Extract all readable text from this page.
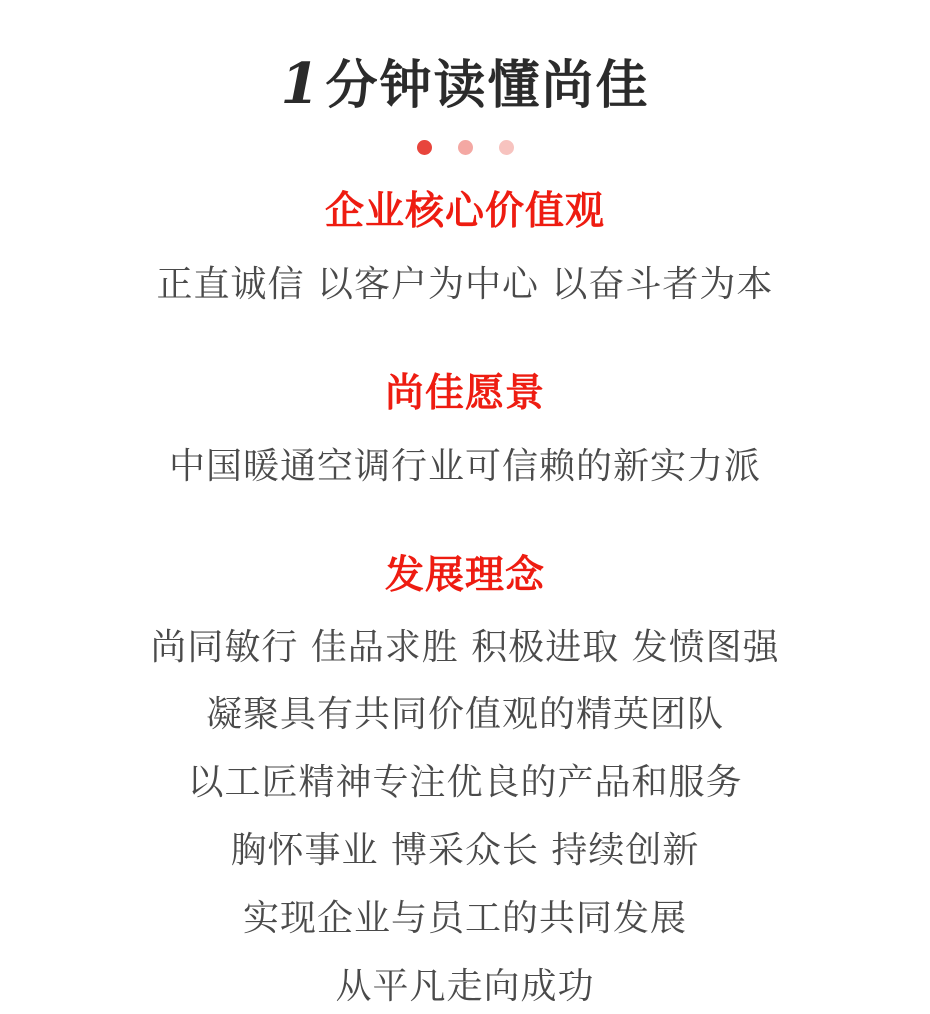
1分钟读懂尚佳
企业核心价值观

正直诚信 以客户为中心 以奋斗者为本

尚佳愿景

中国暖通空调行业可信赖的新实力派

发展理念
尚同敏行 佳品求胜 积极进取 发愤图强
凝聚具有共同价值观的精英团队
以工匠精神专注优良的产品和服务
胸怀事业 博采众长 持续创新
实现企业与员工的共同发展
从平凡走向成功
